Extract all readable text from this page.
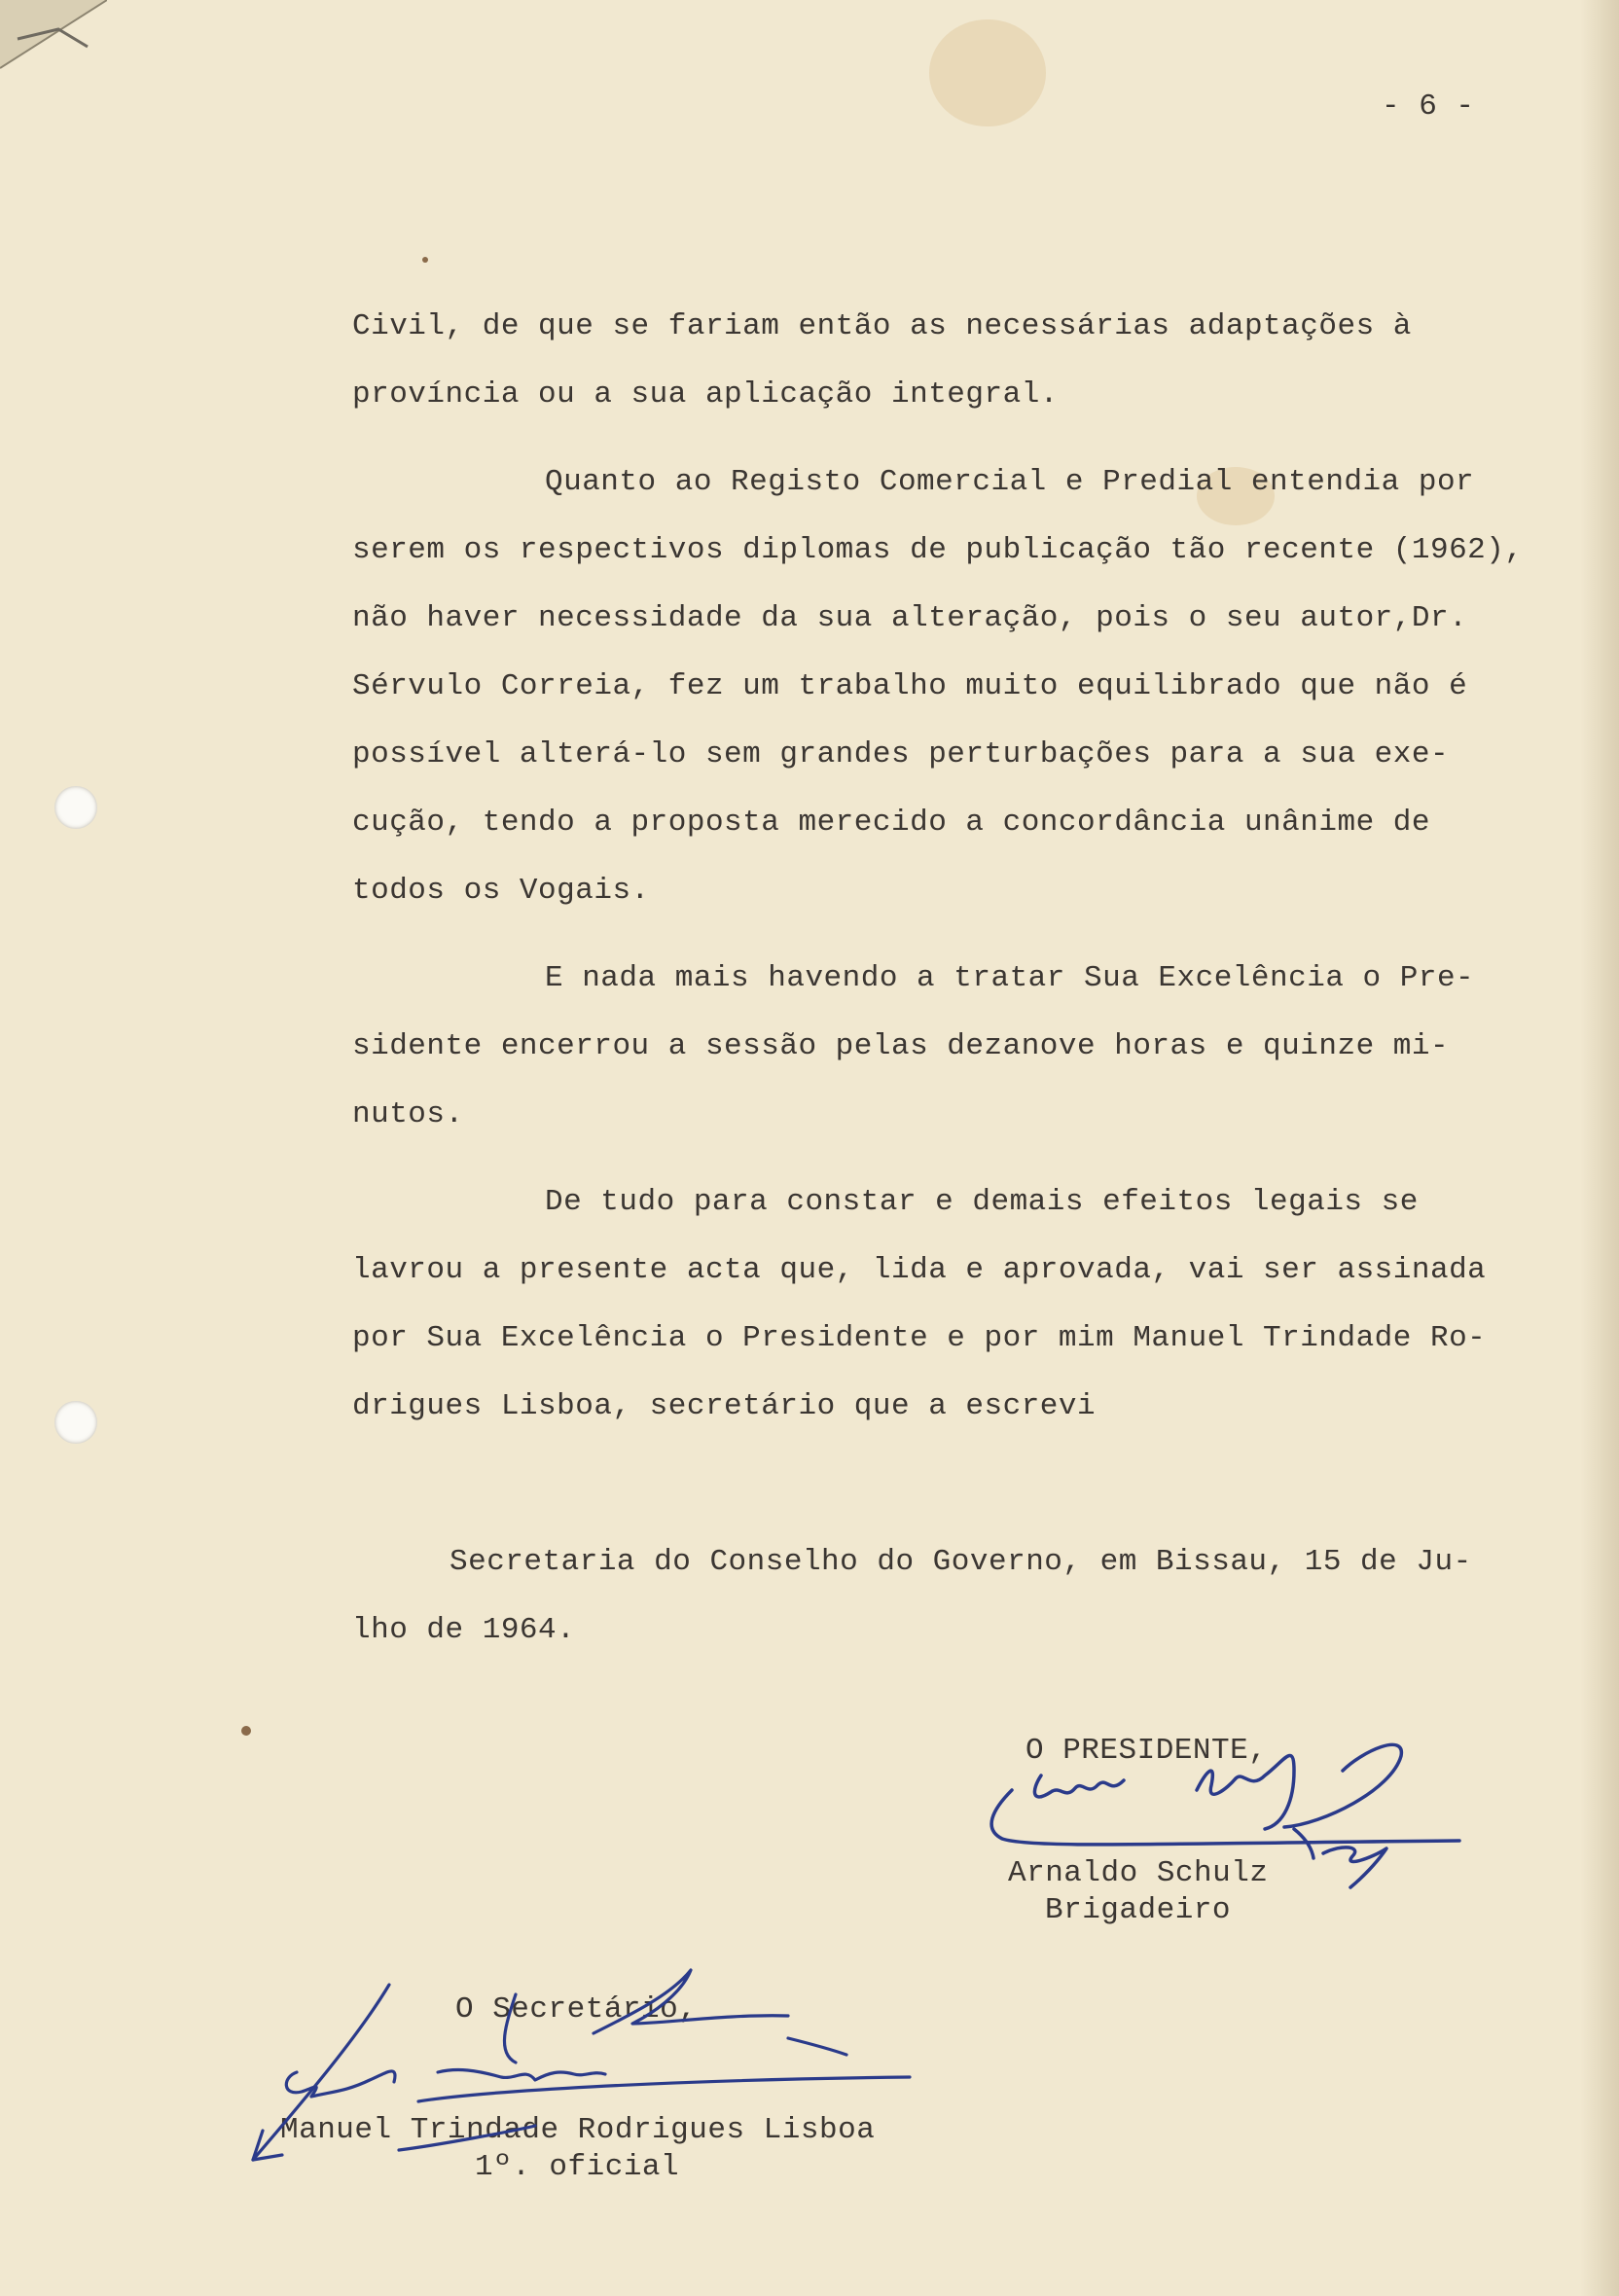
- 6 -
Civil, de que se fariam então as necessárias adaptações à
província ou a sua aplicação integral.
Quanto ao Registo Comercial e Predial entendia por
serem os respectivos diplomas de publicação tão recente (1962),
não haver necessidade da sua alteração, pois o seu autor,Dr.
Sérvulo Correia, fez um trabalho muito equilibrado que não é
possível alterá-lo sem grandes perturbações para a sua exe-
cução, tendo a proposta merecido a concordância unânime de
todos os Vogais.
E nada mais havendo a tratar Sua Excelência o Pre-
sidente encerrou a sessão pelas dezanove horas e quinze mi-
nutos.
De tudo para constar e demais efeitos legais se
lavrou a presente acta que, lida e aprovada, vai ser assinada
por Sua Excelência o Presidente e por mim Manuel Trindade Ro-
drigues Lisboa, secretário que a escrevi
Secretaria do Conselho do Governo, em Bissau, 15 de Ju-
lho de 1964.
O PRESIDENTE,
Arnaldo Schulz
Brigadeiro
O Secretário,
Manuel Trindade Rodrigues Lisboa
1º. oficial
